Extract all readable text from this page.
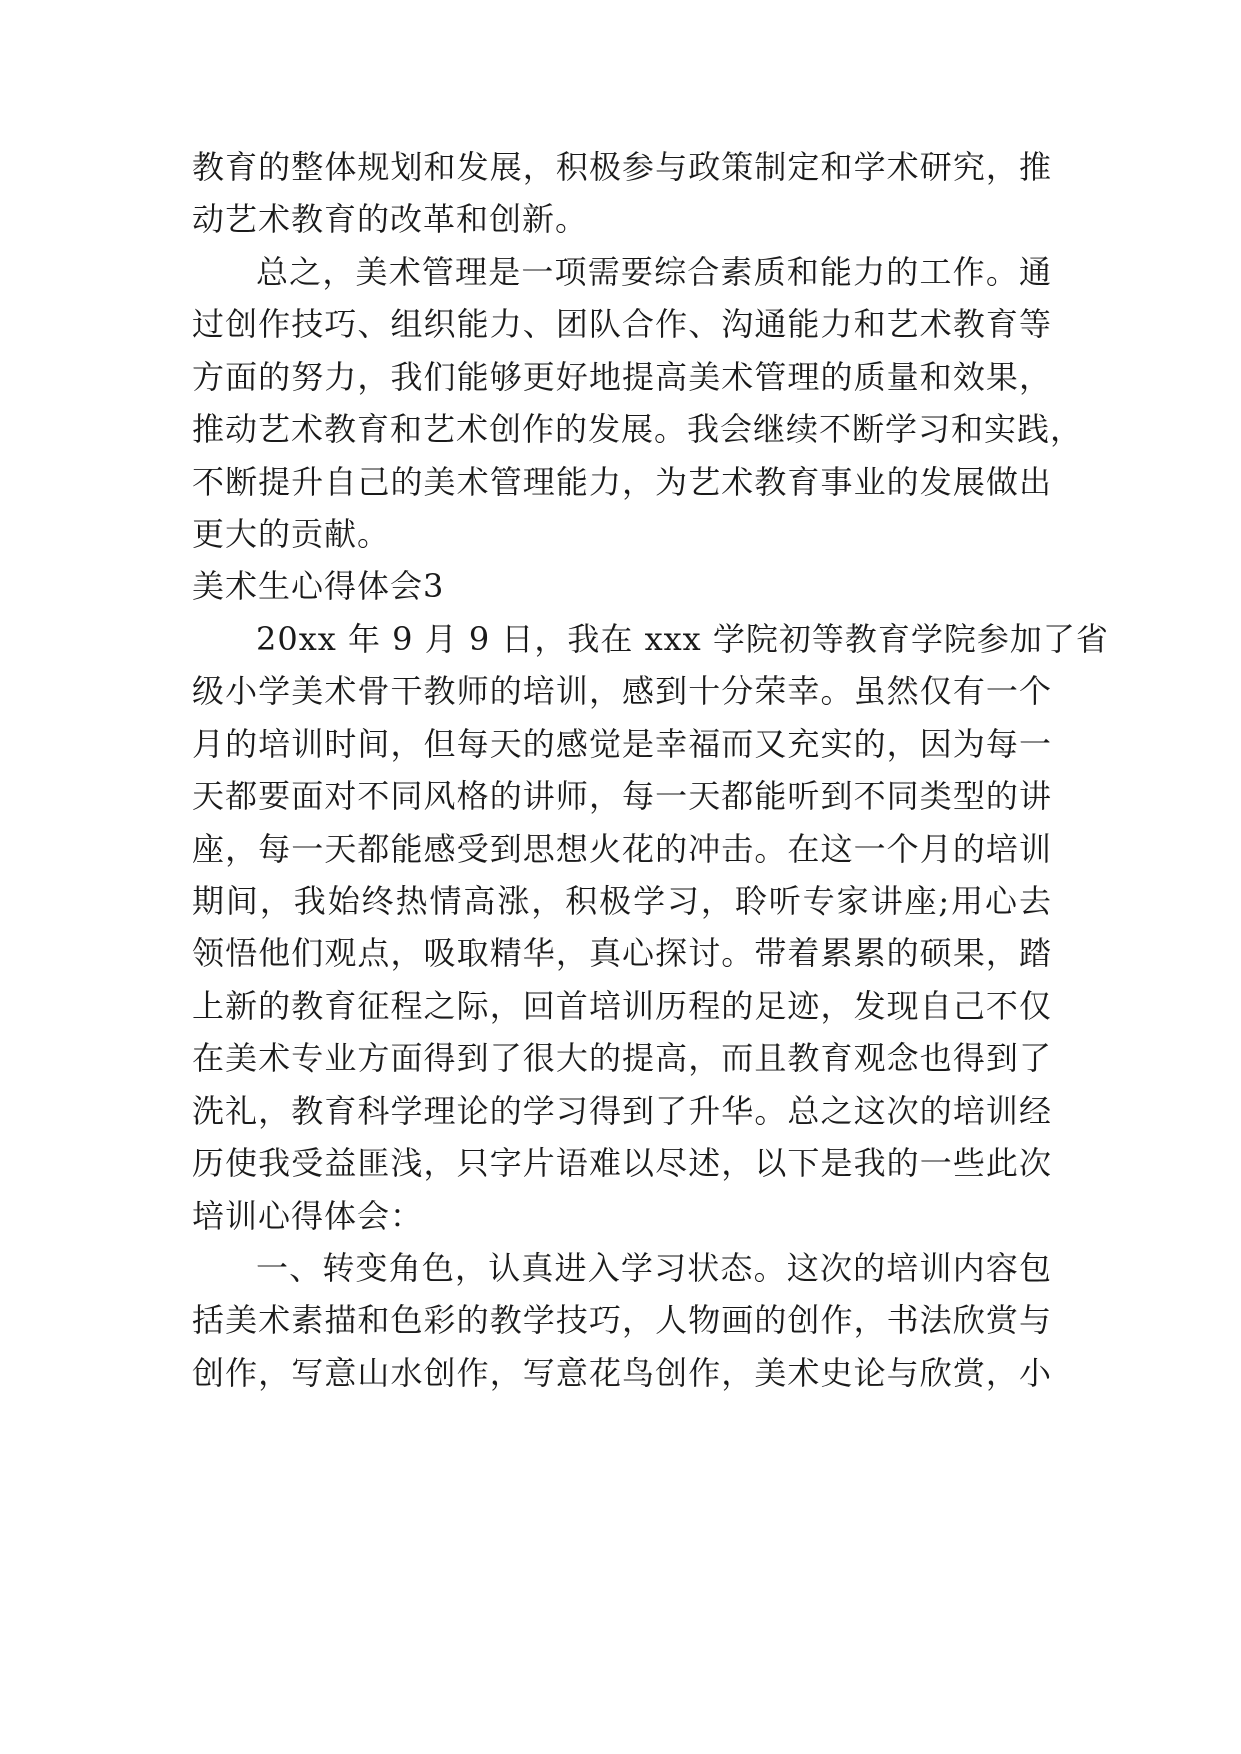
教育的整体规划和发展，积极参与政策制定和学术研究，推
动艺术教育的改革和创新。
总之，美术管理是一项需要综合素质和能力的工作。通
过创作技巧、组织能力、团队合作、沟通能力和艺术教育等
方面的努力，我们能够更好地提高美术管理的质量和效果，
推动艺术教育和艺术创作的发展。我会继续不断学习和实践，
不断提升自己的美术管理能力，为艺术教育事业的发展做出
更大的贡献。
美术生心得体会3
20xx 年 9 月 9 日，我在 xxx 学院初等教育学院参加了省
级小学美术骨干教师的培训，感到十分荣幸。虽然仅有一个
月的培训时间，但每天的感觉是幸福而又充实的，因为每一
天都要面对不同风格的讲师，每一天都能听到不同类型的讲
座，每一天都能感受到思想火花的冲击。在这一个月的培训
期间，我始终热情高涨，积极学习，聆听专家讲座;用心去
领悟他们观点，吸取精华，真心探讨。带着累累的硕果，踏
上新的教育征程之际，回首培训历程的足迹，发现自己不仅
在美术专业方面得到了很大的提高，而且教育观念也得到了
洗礼，教育科学理论的学习得到了升华。总之这次的培训经
历使我受益匪浅，只字片语难以尽述，以下是我的一些此次
培训心得体会：
一、转变角色，认真进入学习状态。这次的培训内容包
括美术素描和色彩的教学技巧，人物画的创作，书法欣赏与
创作，写意山水创作，写意花鸟创作，美术史论与欣赏，小
